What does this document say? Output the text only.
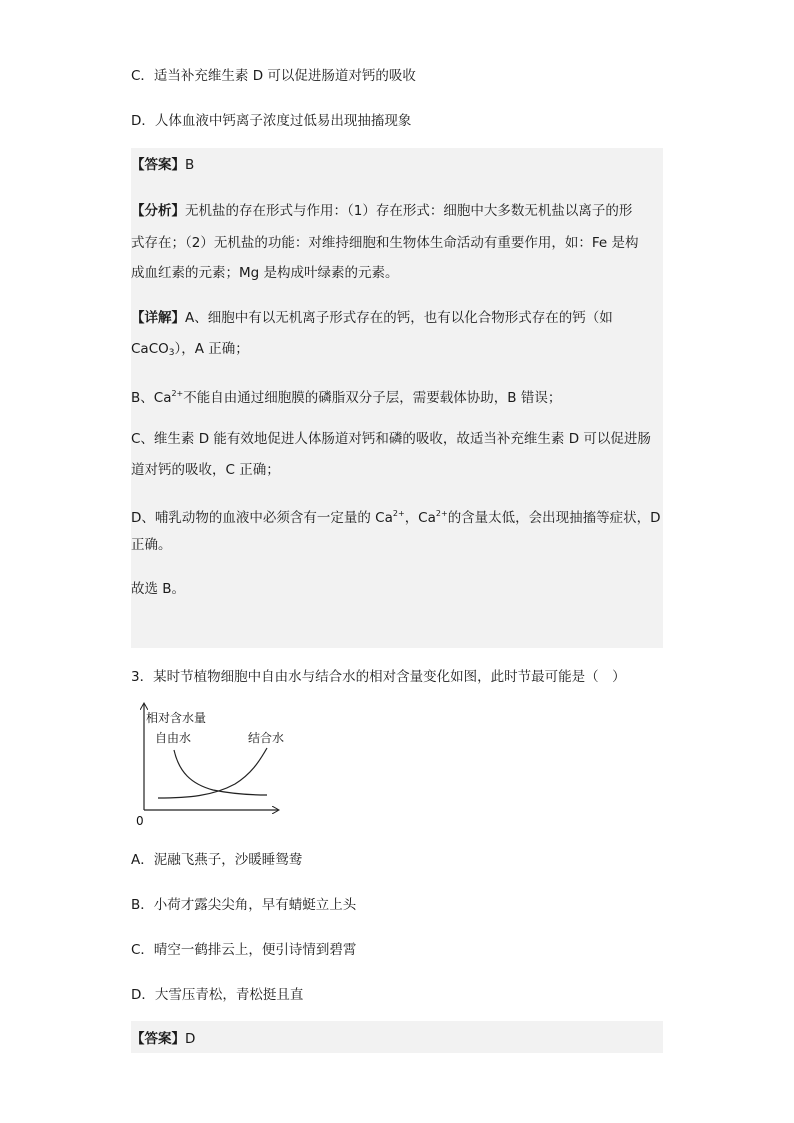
C．适当补充维生素 D 可以促进肠道对钙的吸收
D．人体血液中钙离子浓度过低易出现抽搐现象
【答案】B
【分析】无机盐的存在形式与作用：（1）存在形式：细胞中大多数无机盐以离子的形
式存在；（2）无机盐的功能：对维持细胞和生物体生命活动有重要作用，如：Fe 是构
成血红素的元素；Mg 是构成叶绿素的元素。
【详解】A、细胞中有以无机离子形式存在的钙，也有以化合物形式存在的钙（如
CaCO$_3$），A 正确；
B、$Ca^{2+}$不能自由通过细胞膜的磷脂双分子层，需要载体协助，B 错误；
C、维生素 D 能有效地促进人体肠道对钙和磷的吸收，故适当补充维生素 D 可以促进肠
道对钙的吸收，C 正确；
D、哺乳动物的血液中必须含有一定量的 $Ca^{2+}$，$Ca^{2+}$的含量太低，会出现抽搐等症状，D
正确。
故选 B。
3．某时节植物细胞中自由水与结合水的相对含量变化如图，此时节最可能是（　）
相对含水量
0
自由水	结合水
A．泥融飞燕子，沙暖睡鸳鸯
B．小荷才露尖尖角，早有蜻蜓立上头
C．晴空一鹤排云上，便引诗情到碧霄
D．大雪压青松，青松挺且直
【答案】D
